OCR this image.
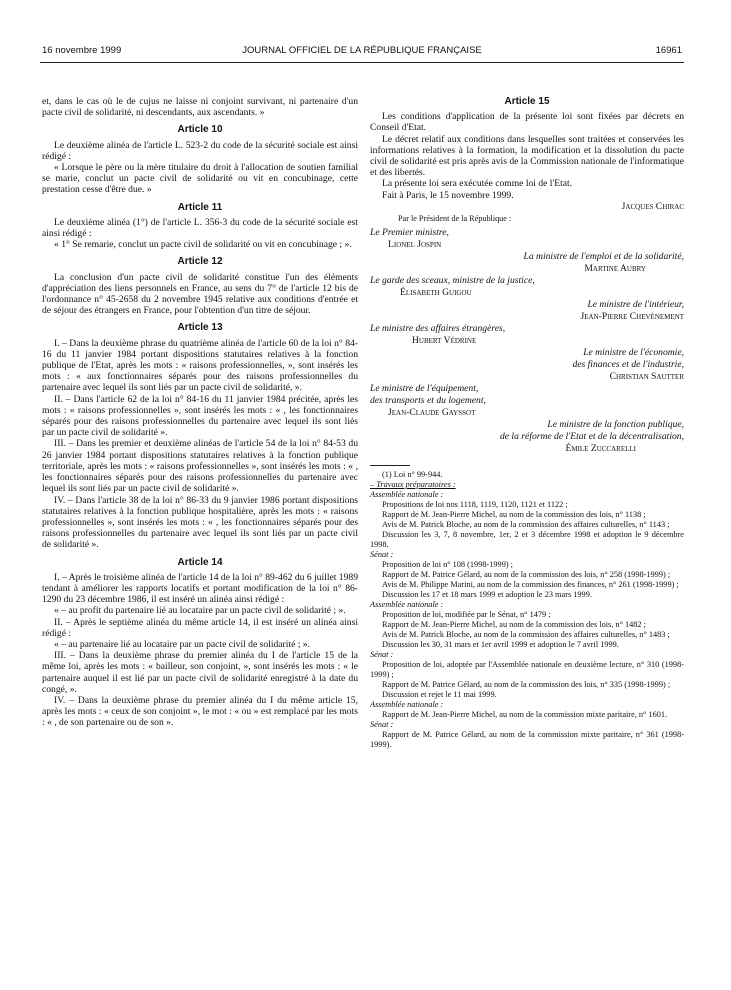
16 novembre 1999	JOURNAL OFFICIEL DE LA RÉPUBLIQUE FRANÇAISE	16961

et, dans le cas où le de cujus ne laisse ni conjoint survivant, ni partenaire d'un pacte civil de solidarité, ni descendants, aux ascendants. »

Article 10

Le deuxième alinéa de l'article L. 523-2 du code de la sécurité sociale est ainsi rédigé :

« Lorsque le père ou la mère titulaire du droit à l'allocation de soutien familial se marie, conclut un pacte civil de solidarité ou vit en concubinage, cette prestation cesse d'être due. »

Article 11

Le deuxième alinéa (1°) de l'article L. 356-3 du code de la sécurité sociale est ainsi rédigé :

« 1° Se remarie, conclut un pacte civil de solidarité ou vit en concubinage ; ».

Article 12

La conclusion d'un pacte civil de solidarité constitue l'un des éléments d'appréciation des liens personnels en France, au sens du 7° de l'article 12 bis de l'ordonnance n° 45-2658 du 2 novembre 1945 relative aux conditions d'entrée et de séjour des étrangers en France, pour l'obtention d'un titre de séjour.

Article 13

I. – Dans la deuxième phrase du quatrième alinéa de l'article 60 de la loi n° 84-16 du 11 janvier 1984 portant dispositions statutaires relatives à la fonction publique de l'Etat, après les mots : « raisons professionnelles, », sont insérés les mots : « aux fonctionnaires séparés pour des raisons professionnelles du partenaire avec lequel ils sont liés par un pacte civil de solidarité, ».

II. – Dans l'article 62 de la loi n° 84-16 du 11 janvier 1984 précitée, après les mots : « raisons professionnelles », sont insérés les mots : « , les fonctionnaires séparés pour des raisons professionnelles du partenaire avec lequel ils sont liés par un pacte civil de solidarité ».

III. – Dans les premier et deuxième alinéas de l'article 54 de la loi n° 84-53 du 26 janvier 1984 portant dispositions statutaires relatives à la fonction publique territoriale, après les mots : « raisons professionnelles », sont insérés les mots : « , les fonctionnaires séparés pour des raisons professionnelles du partenaire avec lequel ils sont liés par un pacte civil de solidarité ».

IV. – Dans l'article 38 de la loi n° 86-33 du 9 janvier 1986 portant dispositions statutaires relatives à la fonction publique hospitalière, après les mots : « raisons professionnelles », sont insérés les mots : « , les fonctionnaires séparés pour des raisons professionnelles du partenaire avec lequel ils sont liés par un pacte civil de solidarité ».

Article 14

I. – Après le troisième alinéa de l'article 14 de la loi n° 89-462 du 6 juillet 1989 tendant à améliorer les rapports locatifs et portant modification de la loi n° 86-1290 du 23 décembre 1986, il est inséré un alinéa ainsi rédigé :

« – au profit du partenaire lié au locataire par un pacte civil de solidarité ; ».

II. – Après le septième alinéa du même article 14, il est inséré un alinéa ainsi rédigé :

« – au partenaire lié au locataire par un pacte civil de solidarité ; ».

III. – Dans la deuxième phrase du premier alinéa du I de l'article 15 de la même loi, après les mots : « bailleur, son conjoint, », sont insérés les mots : « le partenaire auquel il est lié par un pacte civil de solidarité enregistré à la date du congé, ».

IV. – Dans la deuxième phrase du premier alinéa du I du même article 15, après les mots : « ceux de son conjoint », le mot : « ou » est remplacé par les mots : « , de son partenaire ou de son ».

Article 15

Les conditions d'application de la présente loi sont fixées par décrets en Conseil d'Etat.

Le décret relatif aux conditions dans lesquelles sont traitées et conservées les informations relatives à la formation, la modification et la dissolution du pacte civil de solidarité est pris après avis de la Commission nationale de l'informatique et des libertés.

La présente loi sera exécutée comme loi de l'Etat.

Fait à Paris, le 15 novembre 1999.

Jacques Chirac
Par le Président de la République :
Le Premier ministre,
Lionel Jospin
La ministre de l'emploi et de la solidarité,
Martine Aubry
Le garde des sceaux, ministre de la justice,
Élisabeth Guigou
Le ministre de l'intérieur,
Jean-Pierre Chevènement
Le ministre des affaires étrangères,
Hubert Védrine
Le ministre de l'économie,
des finances et de l'industrie,
Christian Sautter
Le ministre de l'équipement,
des transports et du logement,
Jean-Claude Gayssot
Le ministre de la fonction publique,
de la réforme de l'Etat et de la décentralisation,
Émile Zuccarelli

(1) Loi n° 99-944.

– Travaux préparatoires :

Assemblée nationale :

Propositions de loi nos 1118, 1119, 1120, 1121 et 1122 ;

Rapport de M. Jean-Pierre Michel, au nom de la commission des lois, n° 1138 ;

Avis de M. Patrick Bloche, au nom de la commission des affaires culturelles, n° 1143 ;

Discussion les 3, 7, 8 novembre, 1er, 2 et 3 décembre 1998 et adoption le 9 décembre 1998.

Sénat :

Proposition de loi n° 108 (1998-1999) ;

Rapport de M. Patrice Gélard, au nom de la commission des lois, n° 258 (1998-1999) ;

Avis de M. Philippe Marini, au nom de la commission des finances, n° 261 (1998-1999) ;

Discussion les 17 et 18 mars 1999 et adoption le 23 mars 1999.

Assemblée nationale :

Proposition de loi, modifiée par le Sénat, n° 1479 ;

Rapport de M. Jean-Pierre Michel, au nom de la commission des lois, n° 1482 ;

Avis de M. Patrick Bloche, au nom de la commission des affaires culturelles, n° 1483 ;

Discussion les 30, 31 mars et 1er avril 1999 et adoption le 7 avril 1999.

Sénat :

Proposition de loi, adoptée par l'Assemblée nationale en deuxième lecture, n° 310 (1998-1999) ;

Rapport de M. Patrice Gélard, au nom de la commission des lois, n° 335 (1998-1999) ;

Discussion et rejet le 11 mai 1999.

Assemblée nationale :

Rapport de M. Jean-Pierre Michel, au nom de la commission mixte paritaire, n° 1601.

Sénat :

Rapport de M. Patrice Gélard, au nom de la commission mixte paritaire, n° 361 (1998-1999).
